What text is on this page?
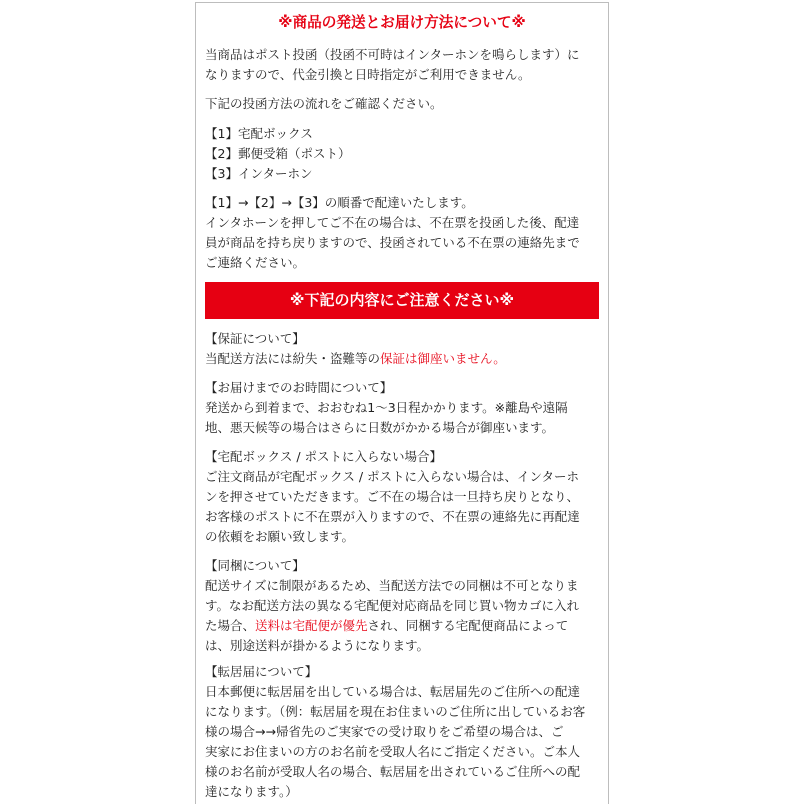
※商品の発送とお届け方法について※
当商品はポスト投函（投函不可時はインターホンを鳴らします）に
なりますので、代金引換と日時指定がご利用できません。
下記の投函方法の流れをご確認ください。
【1】宅配ボックス
【2】郵便受箱（ポスト）
【3】インターホン
【1】→【2】→【3】の順番で配達いたします。
インタホーンを押してご不在の場合は、不在票を投函した後、配達
員が商品を持ち戻りますので、投函されている不在票の連絡先まで
ご連絡ください。
※下記の内容にご注意ください※
【保証について】
当配送方法には紛失・盗難等の保証は御座いません。
【お届けまでのお時間について】
発送から到着まで、おおむね1～3日程かかります。※離島や遠隔
地、悪天候等の場合はさらに日数がかかる場合が御座います。
【宅配ボックス / ポストに入らない場合】
ご注文商品が宅配ボックス / ポストに入らない場合は、インターホ
ンを押させていただきます。ご不在の場合は一旦持ち戻りとなり、
お客様のポストに不在票が入りますので、不在票の連絡先に再配達
の依頼をお願い致します。
【同梱について】
配送サイズに制限があるため、当配送方法での同梱は不可となりま
す。なお配送方法の異なる宅配便対応商品を同じ買い物カゴに入れ
た場合、送料は宅配便が優先され、同梱する宅配便商品によって
は、別途送料が掛かるようになります。
【転居届について】
日本郵便に転居届を出している場合は、転居届先のご住所への配達
になります。（例：転居届を現在お住まいのご住所に出しているお客
様の場合→→帰省先のご実家での受け取りをご希望の場合は、ご
実家にお住まいの方のお名前を受取人名にご指定ください。ご本人
様のお名前が受取人名の場合、転居届を出されているご住所への配
達になります。）
